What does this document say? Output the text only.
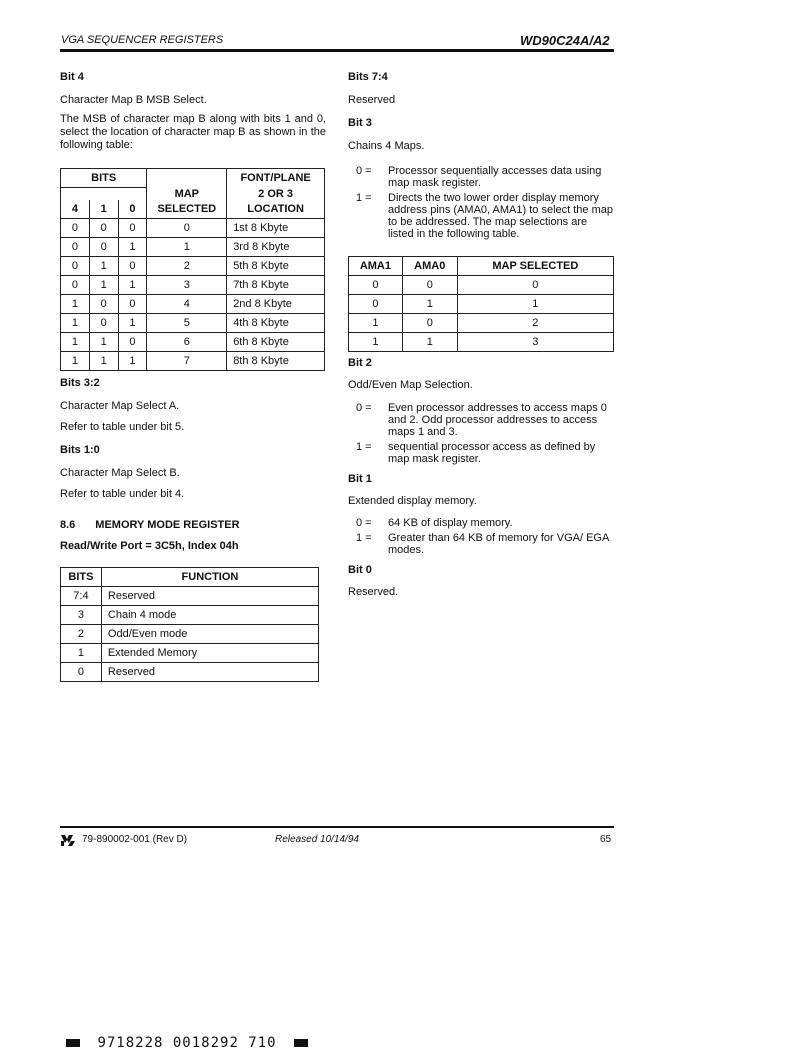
VGA SEQUENCER REGISTERS	WD90C24A/A2
Bit 4
Character Map B MSB Select.
The MSB of character map B along with bits 1 and 0, select the location of character map B as shown in the following table:
BITS			MAP	FONT/PLANE
				2 OR 3
4	1	0	SELECTED	LOCATION
0	0	0	0	1st 8 Kbyte
0	0	1	1	3rd 8 Kbyte
0	1	0	2	5th 8 Kbyte
0	1	1	3	7th 8 Kbyte
1	0	0	4	2nd 8 Kbyte
1	0	1	5	4th 8 Kbyte
1	1	0	6	6th 8 Kbyte
1	1	1	7	8th 8 Kbyte
Bits 3:2
Character Map Select A.
Refer to table under bit 5.
Bits 1:0
Character Map Select B.
Refer to table under bit 4.
8.6 MEMORY MODE REGISTER
Read/Write Port = 3C5h, Index 04h
BITS	FUNCTION
7:4	Reserved
3	Chain 4 mode
2	Odd/Even mode
1	Extended Memory
0	Reserved
Bits 7:4
Reserved
Bit 3
Chains 4 Maps.
0 =	Processor sequentially accesses data using map mask register.
1 =	Directs the two lower order display memory address pins (AMA0, AMA1) to select the map to be addressed. The map selections are listed in the following table.
AMA1	AMA0	MAP SELECTED
0	0	0
0	1	1
1	0	2
1	1	3
Bit 2
Odd/Even Map Selection.
0 =	Even processor addresses to access maps 0 and 2. Odd processor addresses to access maps 1 and 3.
1 =	sequential processor access as defined by map mask register.
Bit 1
Extended display memory.
0 =	64 KB of display memory.
1 =	Greater than 64 KB of memory for VGA/ EGA modes.
Bit 0
Reserved.
79-890002-001 (Rev D)	Released 10/14/94	65
9718228 0018292 710
